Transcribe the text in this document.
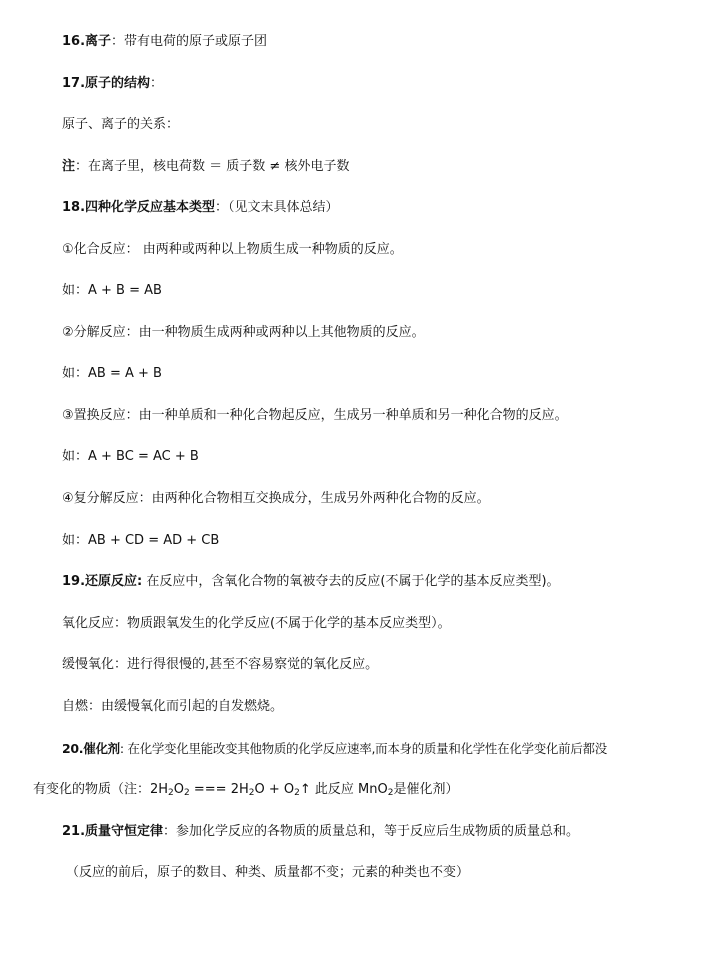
16.离子：带有电荷的原子或原子团
17.原子的结构：
原子、离子的关系：
注：在离子里，核电荷数 ＝ 质子数 ≠ 核外电子数
18.四种化学反应基本类型：（见文末具体总结）
①化合反应： 由两种或两种以上物质生成一种物质的反应。
如：A + B = AB
②分解反应：由一种物质生成两种或两种以上其他物质的反应。
如：AB = A + B
③置换反应：由一种单质和一种化合物起反应，生成另一种单质和另一种化合物的反应。
如：A + BC = AC + B
④复分解反应：由两种化合物相互交换成分，生成另外两种化合物的反应。
如：AB + CD = AD + CB
19.还原反应: 在反应中，含氧化合物的氧被夺去的反应(不属于化学的基本反应类型)。
氧化反应：物质跟氧发生的化学反应(不属于化学的基本反应类型）。
缓慢氧化：进行得很慢的,甚至不容易察觉的氧化反应。
自燃：由缓慢氧化而引起的自发燃烧。
20.催化剂: 在化学变化里能改变其他物质的化学反应速率,而本身的质量和化学性在化学变化前后都没
有变化的物质（注：$2H_2O_2$ === $2H_2O$ + $O_2↑$ 此反应 MnO$_2$是催化剂）
21.质量守恒定律：参加化学反应的各物质的质量总和，等于反应后生成物质的质量总和。
（反应的前后，原子的数目、种类、质量都不变；元素的种类也不变）
